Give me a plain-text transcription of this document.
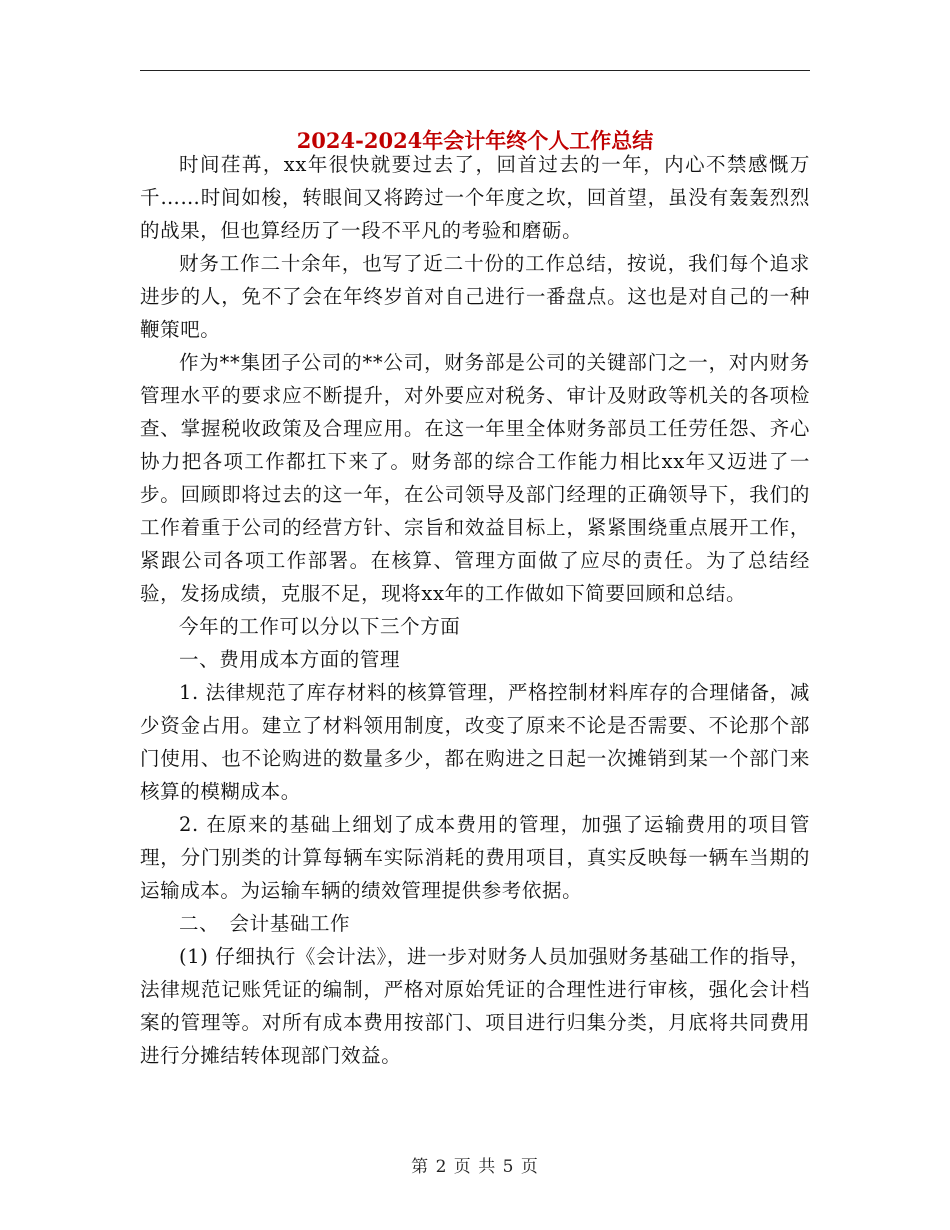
2024-2024年会计年终个人工作总结

时间荏苒，xx年很快就要过去了，回首过去的一年，内心不禁感慨万千……时间如梭，转眼间又将跨过一个年度之坎，回首望，虽没有轰轰烈烈的战果，但也算经历了一段不平凡的考验和磨砺。

财务工作二十余年，也写了近二十份的工作总结，按说，我们每个追求进步的人，免不了会在年终岁首对自己进行一番盘点。这也是对自己的一种鞭策吧。

作为**集团子公司的**公司，财务部是公司的关键部门之一，对内财务管理水平的要求应不断提升，对外要应对税务、审计及财政等机关的各项检查、掌握税收政策及合理应用。在这一年里全体财务部员工任劳任怨、齐心协力把各项工作都扛下来了。财务部的综合工作能力相比xx年又迈进了一步。回顾即将过去的这一年，在公司领导及部门经理的正确领导下，我们的工作着重于公司的经营方针、宗旨和效益目标上，紧紧围绕重点展开工作，紧跟公司各项工作部署。在核算、管理方面做了应尽的责任。为了总结经验，发扬成绩，克服不足，现将xx年的工作做如下简要回顾和总结。

今年的工作可以分以下三个方面

一、费用成本方面的管理

1. 法律规范了库存材料的核算管理，严格控制材料库存的合理储备，减少资金占用。建立了材料领用制度，改变了原来不论是否需要、不论那个部门使用、也不论购进的数量多少，都在购进之日起一次摊销到某一个部门来核算的模糊成本。

2. 在原来的基础上细划了成本费用的管理，加强了运输费用的项目管理，分门别类的计算每辆车实际消耗的费用项目，真实反映每一辆车当期的运输成本。为运输车辆的绩效管理提供参考依据。

二、　会计基础工作

(1) 仔细执行《会计法》，进一步对财务人员加强财务基础工作的指导，法律规范记账凭证的编制，严格对原始凭证的合理性进行审核，强化会计档案的管理等。对所有成本费用按部门、项目进行归集分类，月底将共同费用进行分摊结转体现部门效益。

第 2 页 共 5 页
